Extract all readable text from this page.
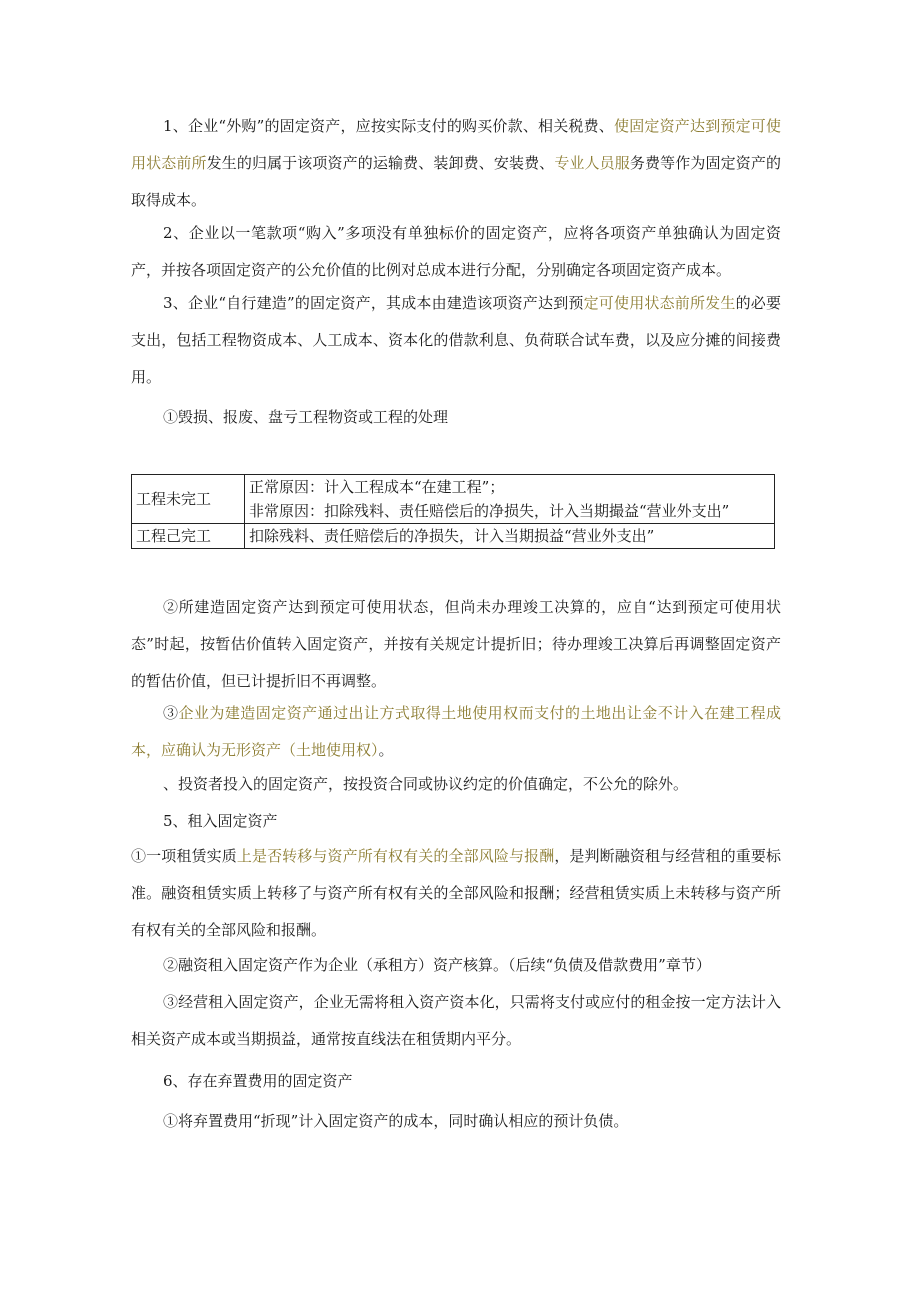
1、企业“外购”的固定资产，应按实际支付的购买价款、相关税费、使固定资产达到预定可使用状态前所发生的归属于该项资产的运输费、装卸费、安装费、专业人员服务费等作为固定资产的取得成本。

2、企业以一笔款项“购入”多项没有单独标价的固定资产，应将各项资产单独确认为固定资产，并按各项固定资产的公允价值的比例对总成本进行分配，分别确定各项固定资产成本。

3、企业“自行建造”的固定资产，其成本由建造该项资产达到预定可使用状态前所发生的必要支出，包括工程物资成本、人工成本、资本化的借款利息、负荷联合试车费，以及应分摊的间接费用。

①毁损、报废、盘亏工程物资或工程的处理

工程未完工	正常原因：计入工程成本“在建工程”；
非常原因：扣除残料、责任赔偿后的净损失，计入当期撮益“营业外支出”

工程己完工	扣除残料、责任赔偿后的净损失，计入当期损益“营业外支出”

②所建造固定资产达到预定可使用状态，但尚未办理竣工决算的，应自“达到预定可使用状态”时起，按暂估价值转入固定资产，并按有关规定计提折旧；待办理竣工决算后再调整固定资产的暂估价值，但已计提折旧不再调整。

③企业为建造固定资产通过出让方式取得土地使用权而支付的土地出让金不计入在建工程成本，应确认为无形资产（土地使用权）。

、投资者投入的固定资产，按投资合同或协议约定的价值确定，不公允的除外。

5、租入固定资产

①一项租赁实质上是否转移与资产所有权有关的全部风险与报酬，是判断融资租与经营租的重要标准。融资租赁实质上转移了与资产所有权有关的全部风险和报酬；经营租赁实质上未转移与资产所有权有关的全部风险和报酬。

②融资租入固定资产作为企业（承租方）资产核算。（后续“负债及借款费用”章节）

③经营租入固定资产，企业无需将租入资产资本化，只需将支付或应付的租金按一定方法计入相关资产成本或当期损益，通常按直线法在租赁期内平分。

6、存在弃置费用的固定资产

①将弃置费用“折现”计入固定资产的成本，同时确认相应的预计负债。
